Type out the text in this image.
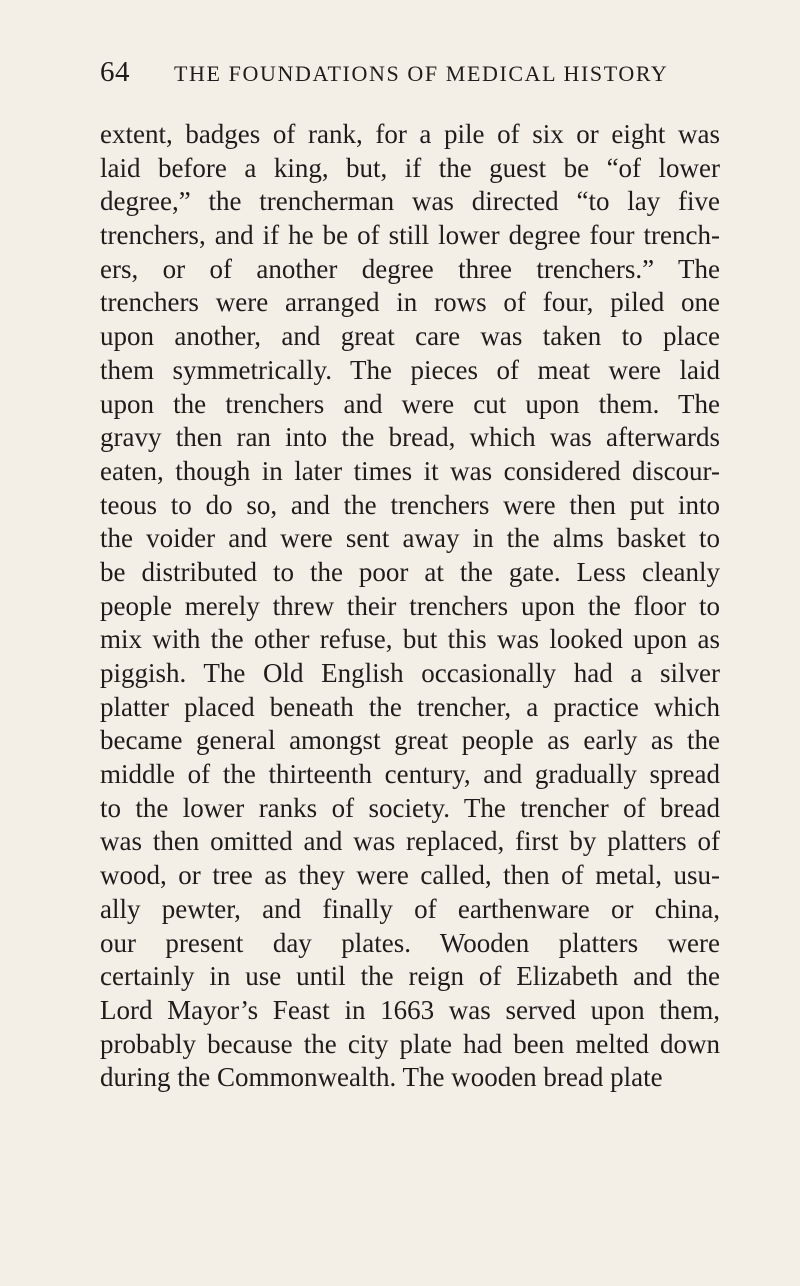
64	THE FOUNDATIONS OF MEDICAL HISTORY
extent, badges of rank, for a pile of six or eight was
laid before a king, but, if the guest be “of lower
degree,” the trencherman was directed “to lay five
trenchers, and if he be of still lower degree four trench-
ers, or of another degree three trenchers.” The
trenchers were arranged in rows of four, piled one
upon another, and great care was taken to place
them symmetrically. The pieces of meat were laid
upon the trenchers and were cut upon them. The
gravy then ran into the bread, which was afterwards
eaten, though in later times it was considered discour-
teous to do so, and the trenchers were then put into
the voider and were sent away in the alms basket to
be distributed to the poor at the gate. Less cleanly
people merely threw their trenchers upon the floor to
mix with the other refuse, but this was looked upon as
piggish. The Old English occasionally had a silver
platter placed beneath the trencher, a practice which
became general amongst great people as early as the
middle of the thirteenth century, and gradually spread
to the lower ranks of society. The trencher of bread
was then omitted and was replaced, first by platters of
wood, or tree as they were called, then of metal, usu-
ally pewter, and finally of earthenware or china,
our present day plates. Wooden platters were
certainly in use until the reign of Elizabeth and the
Lord Mayor’s Feast in 1663 was served upon them,
probably because the city plate had been melted down
during the Commonwealth. The wooden bread plate
